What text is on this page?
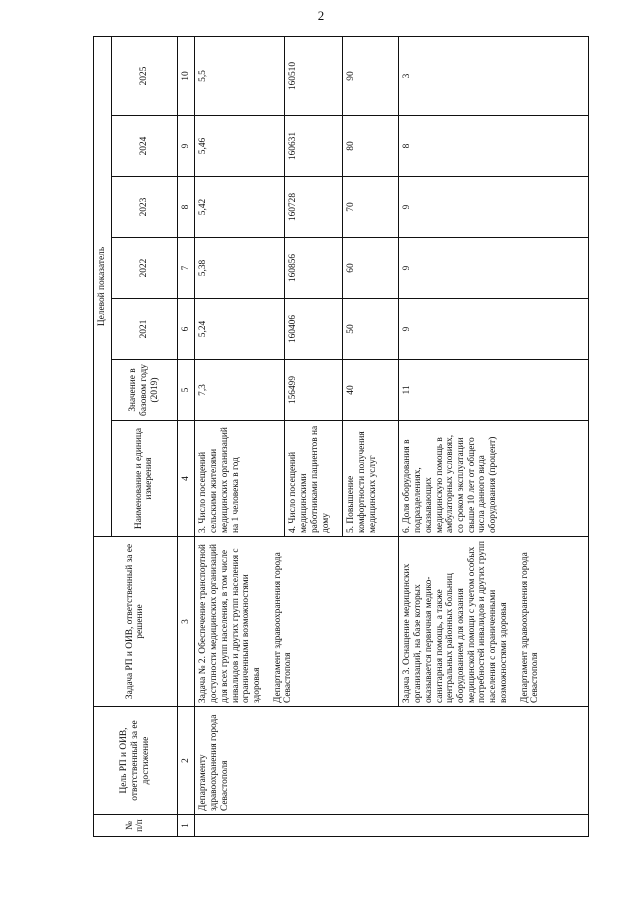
2
№ п/п	Цель РП и ОИВ, ответственный за ее достижение	Задача РП и ОИВ, ответственный за ее решение	Целевой показатель						
			Наименование и единица измерения	Значение в базовом году (2019)	2021	2022	2023	2024	2025
1	2	3	4	5	6	7	8	9	10
	Департаменту здравоохранения города Севастополя	Задача № 2. Обеспечение транспортной доступности медицинских организаций для всех групп населения, в том числе инвалидов и других групп населения с ограниченными возможностями здоровья Департамент здравоохранения города Севастополя	3. Число посещений сельскими жителями медицинских организаций на 1 человека в год	7,3	5,24	5,38	5,42	5,46	5,5
			4. Число посещений медицинскими работниками пациентов на дому	156499	160406	160856	160728	160631	160510
			5. Повышение комфортности получения медицинских услуг	40	50	60	70	80	90

		Задача 3. Оснащение медицинских организаций, на базе которых оказывается первичная медико-санитарная помощь, а также центральных районных больниц оборудованием для оказания медицинской помощи с учетом особых потребностей инвалидов и других групп населения с ограниченными возможностями здоровья Департамент здравоохранения города Севастополя	6. Доля оборудования в подразделениях, оказывающих медицинскую помощь в амбулаторных условиях, со сроком эксплуатации свыше 10 лет от общего числа данного вида оборудования (процент)	11	9	9	9	8	3
